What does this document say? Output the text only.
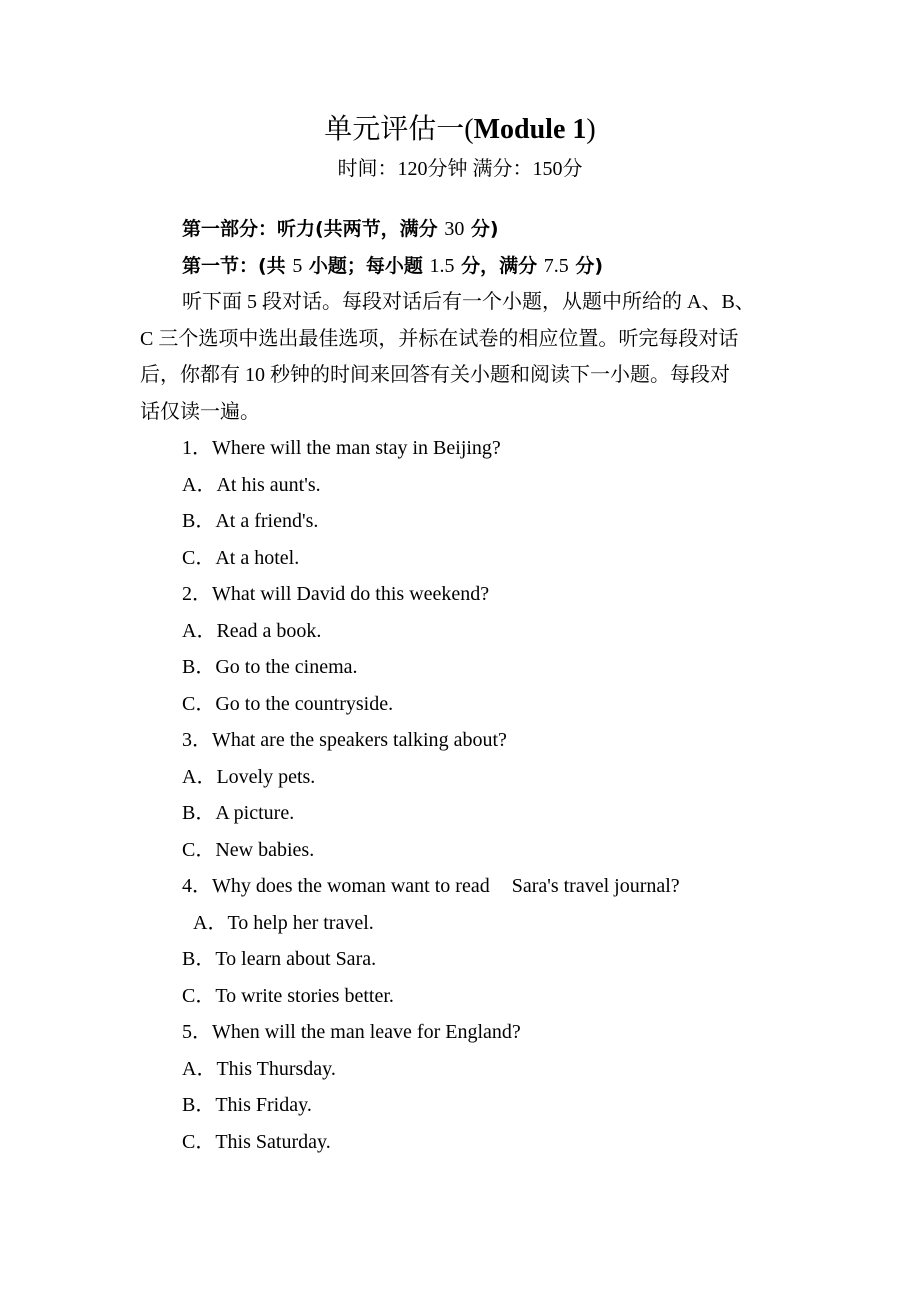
单元评估一(Module 1)
时间：120分钟 满分：150分
第一部分：听力(共两节，满分 30 分)
第一节：(共 5 小题；每小题 1.5 分，满分 7.5 分)
听下面 5 段对话。每段对话后有一个小题，从题中所给的 A、B、
C 三个选项中选出最佳选项，并标在试卷的相应位置。听完每段对话
后，你都有 10 秒钟的时间来回答有关小题和阅读下一小题。每段对
话仅读一遍。
1．Where will the man stay in Beijing?
A．At his aunt's.
B．At a friend's.
C．At a hotel.
2．What will David do this weekend?
A．Read a book.
B．Go to the cinema.
C．Go to the countryside.
3．What are the speakers talking about?
A．Lovely pets.
B．A picture.
C．New babies.
4．Why does the woman want to read Sara's travel journal?
A．To help her travel.
B．To learn about Sara.
C．To write stories better.
5．When will the man leave for England?
A．This Thursday.
B．This Friday.
C．This Saturday.
